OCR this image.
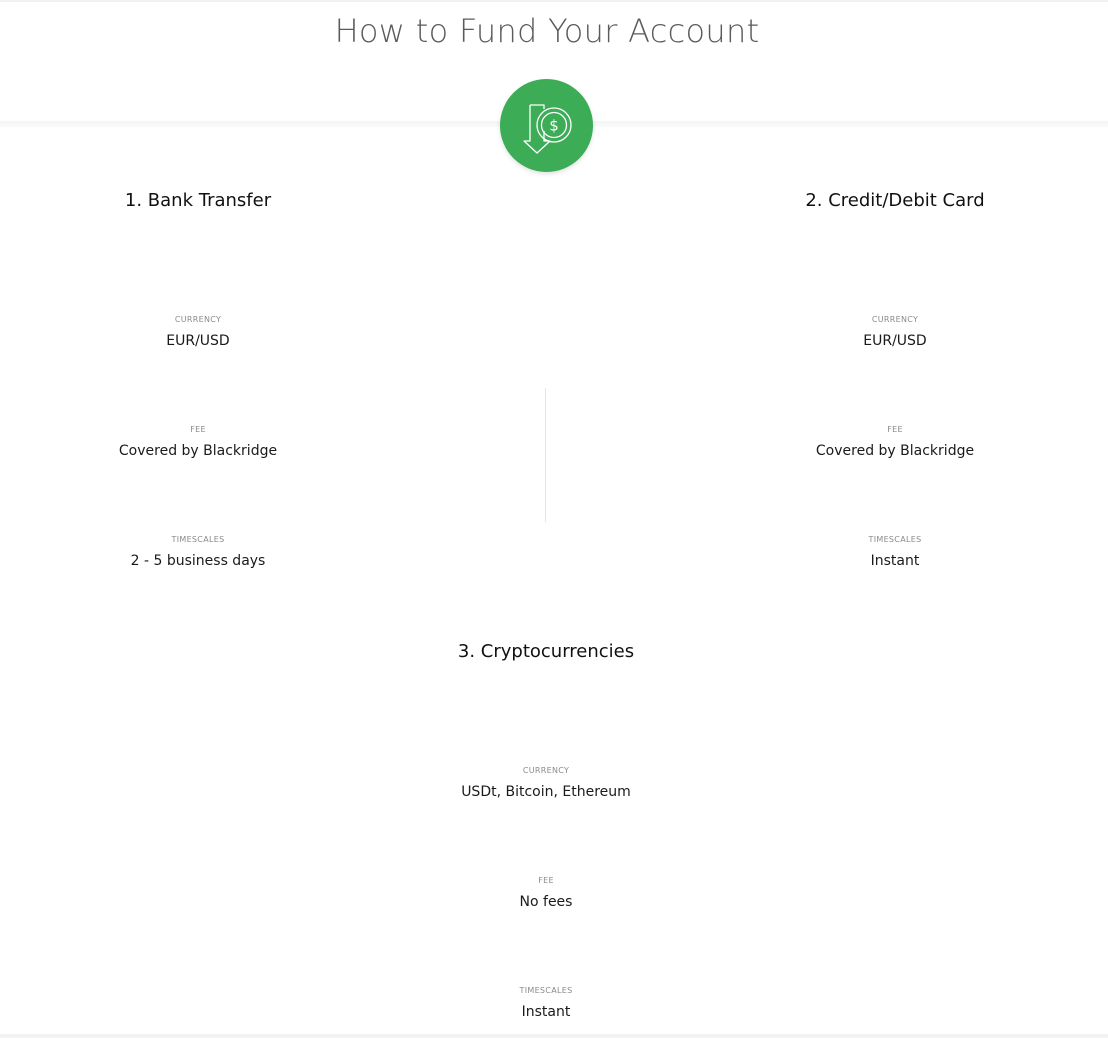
How to Fund Your Account
$
1. Bank Transfer
CURRENCY
EUR/USD
FEE
Covered by Blackridge
TIMESCALES
2 - 5 business days
2. Credit/Debit Card
CURRENCY
EUR/USD
FEE
Covered by Blackridge
TIMESCALES
Instant
3. Cryptocurrencies
CURRENCY
USDt, Bitcoin, Ethereum
FEE
No fees
TIMESCALES
Instant
